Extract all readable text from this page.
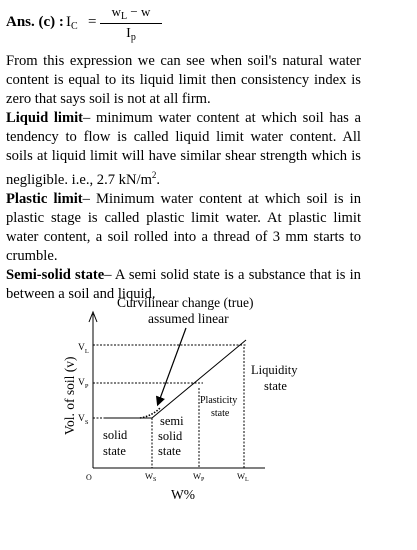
Ans. (c) : $I_C = \frac{w_L - w}{I_p}$

From this expression we can see when soil's natural water content is equal to its liquid limit then consistency index is zero that says soil is not at all firm.

Liquid limit– minimum water content at which soil has a tendency to flow is called liquid limit water content. All soils at liquid limit will have similar shear strength which is negligible. i.e., 2.7 $kN/m^2$.

Plastic limit– Minimum water content at which soil is in plastic stage is called plastic limit water. At plastic limit water content, a soil rolled into a thread of 3 mm starts to crumble.

Semi-solid state– A semi solid state is a substance that is in between a soil and liquid.

Curvilinear change (true)
assumed linear
$V_L$
$V_P$
$V_S$
Vol. of soil (v)
O	$W_S$	$W_P$	$W_L$
W%
solid
state
semi
solid
state
Plasticity
state
Liquidity
state
